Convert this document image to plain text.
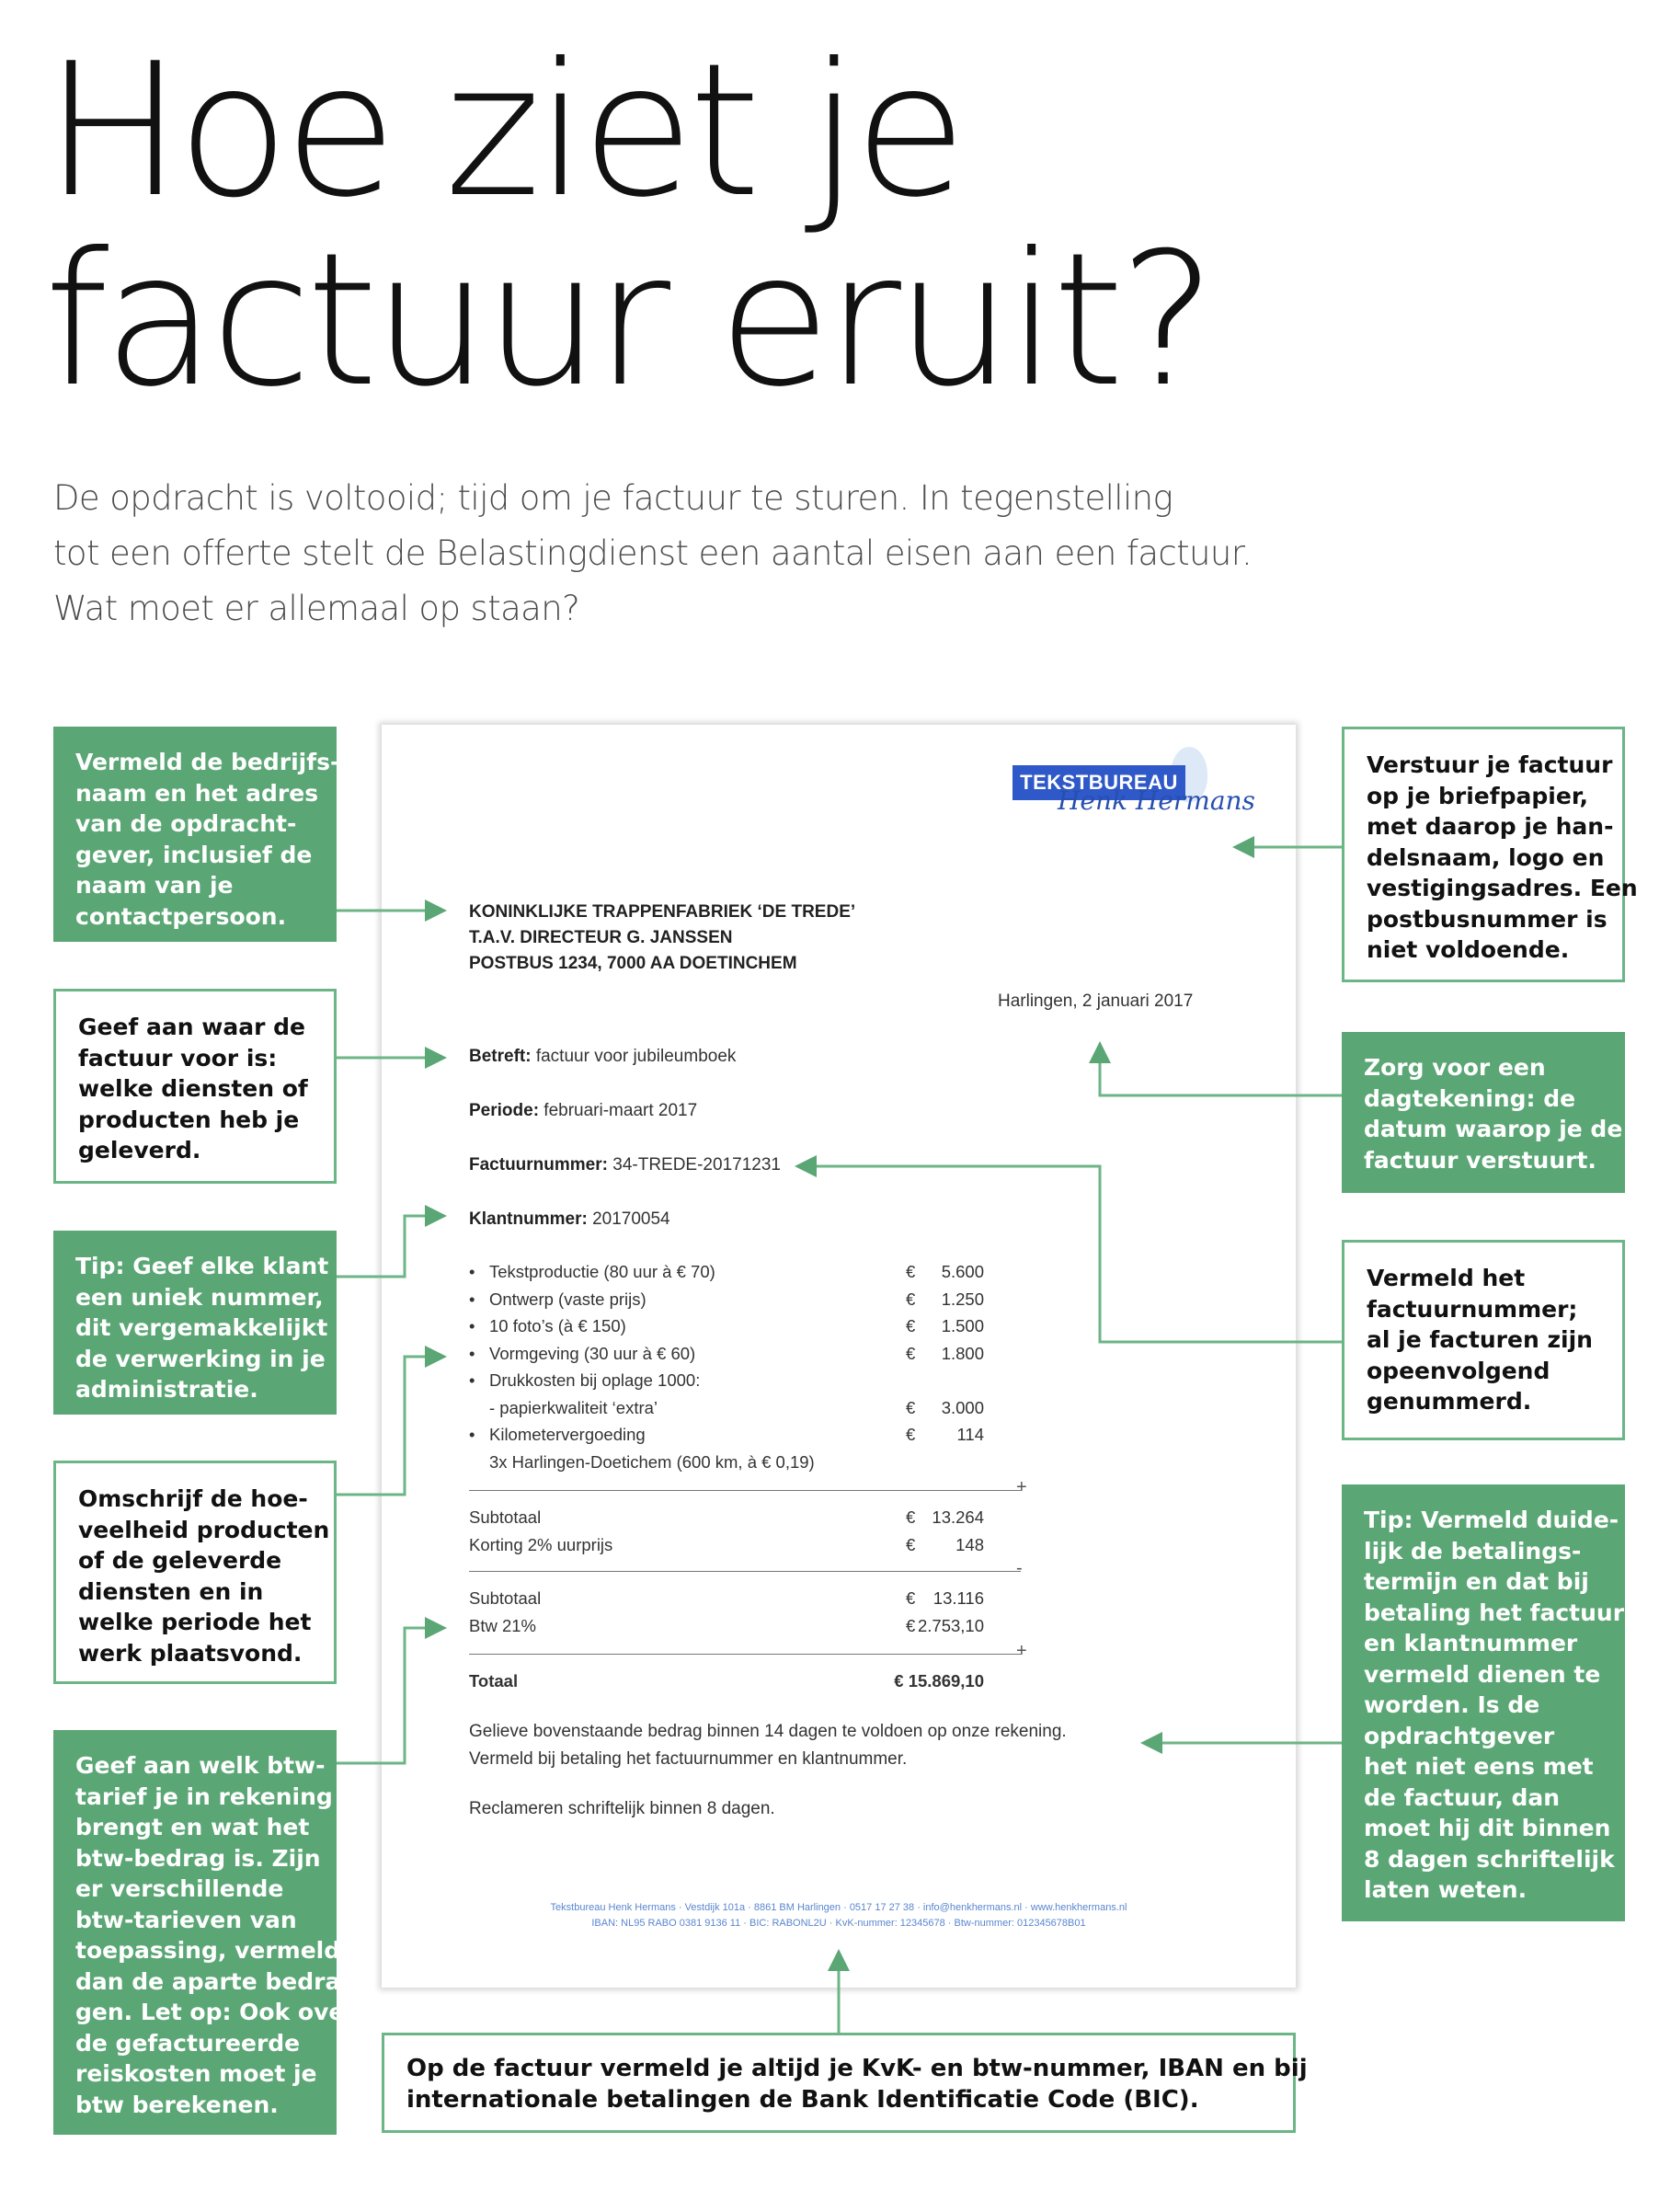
Hoe ziet je
factuur eruit?
De opdracht is voltooid; tijd om je factuur te sturen. In tegenstelling
tot een offerte stelt de Belastingdienst een aantal eisen aan een factuur.
Wat moet er allemaal op staan?
Vermeld de bedrijfs-
naam en het adres
van de opdracht-
gever, inclusief de
naam van je
contactpersoon.
Geef aan waar de
factuur voor is:
welke diensten of
producten heb je
geleverd.
Tip: Geef elke klant
een uniek nummer,
dit vergemakkelijkt
de verwerking in je
administratie.
Omschrijf de hoe-
veelheid producten
of de geleverde
diensten en in
welke periode het
werk plaatsvond.
Geef aan welk btw-
tarief je in rekening
brengt en wat het
btw-bedrag is. Zijn
er verschillende
btw-tarieven van
toepassing, vermeld
dan de aparte bedra-
gen. Let op: Ook over
de gefactureerde
reiskosten moet je
btw berekenen.
Verstuur je factuur
op je briefpapier,
met daarop je han-
delsnaam, logo en
vestigingsadres. Een
postbusnummer is
niet voldoende.
Zorg voor een
dagtekening: de
datum waarop je de
factuur verstuurt.
Vermeld het
factuurnummer;
al je facturen zijn
opeenvolgend
genummerd.
Tip: Vermeld duide-
lijk de betalings-
termijn en dat bij
betaling het factuur-
en klantnummer
vermeld dienen te
worden. Is de
opdrachtgever
het niet eens met
de factuur, dan
moet hij dit binnen
8 dagen schriftelijk
laten weten.
Op de factuur vermeld je altijd je KvK- en btw-nummer, IBAN en bij
internationale betalingen de Bank Identificatie Code (BIC).
TEKSTBUREAU
Henk Hermans
KONINKLIJKE TRAPPENFABRIEK ‘DE TREDE’
T.A.V. DIRECTEUR G. JANSSEN
POSTBUS 1234, 7000 AA DOETINCHEM
Harlingen, 2 januari 2017
Betreft: factuur voor jubileumboek
Periode: februari-maart 2017
Factuurnummer: 34-TREDE-20171231
Klantnummer: 20170054
• Tekstproductie (80 uur à € 70)	€ 5.600
• Ontwerp (vaste prijs)	€ 1.250
• 10 foto’s (à € 150)	€ 1.500
• Vormgeving (30 uur à € 60)	€ 1.800
• Drukkosten bij oplage 1000:
- papierkwaliteit ‘extra’	€ 3.000
• Kilometervergoeding	€ 114
3x Harlingen-Doetichem (600 km, à € 0,19)
+
Subtotaal	€ 13.264
Korting 2% uurprijs	€ 148
-
Subtotaal	€ 13.116
Btw 21%	€ 2.753,10
+
Totaal	€ 15.869,10
Gelieve bovenstaande bedrag binnen 14 dagen te voldoen op onze rekening.
Vermeld bij betaling het factuurnummer en klantnummer.
Reclameren schriftelijk binnen 8 dagen.
Tekstbureau Henk Hermans · Vestdijk 101a · 8861 BM Harlingen · 0517 17 27 38 · info@henkhermans.nl · www.henkhermans.nl
IBAN: NL95 RABO 0381 9136 11 · BIC: RABONL2U · KvK-nummer: 12345678 · Btw-nummer: 012345678B01
